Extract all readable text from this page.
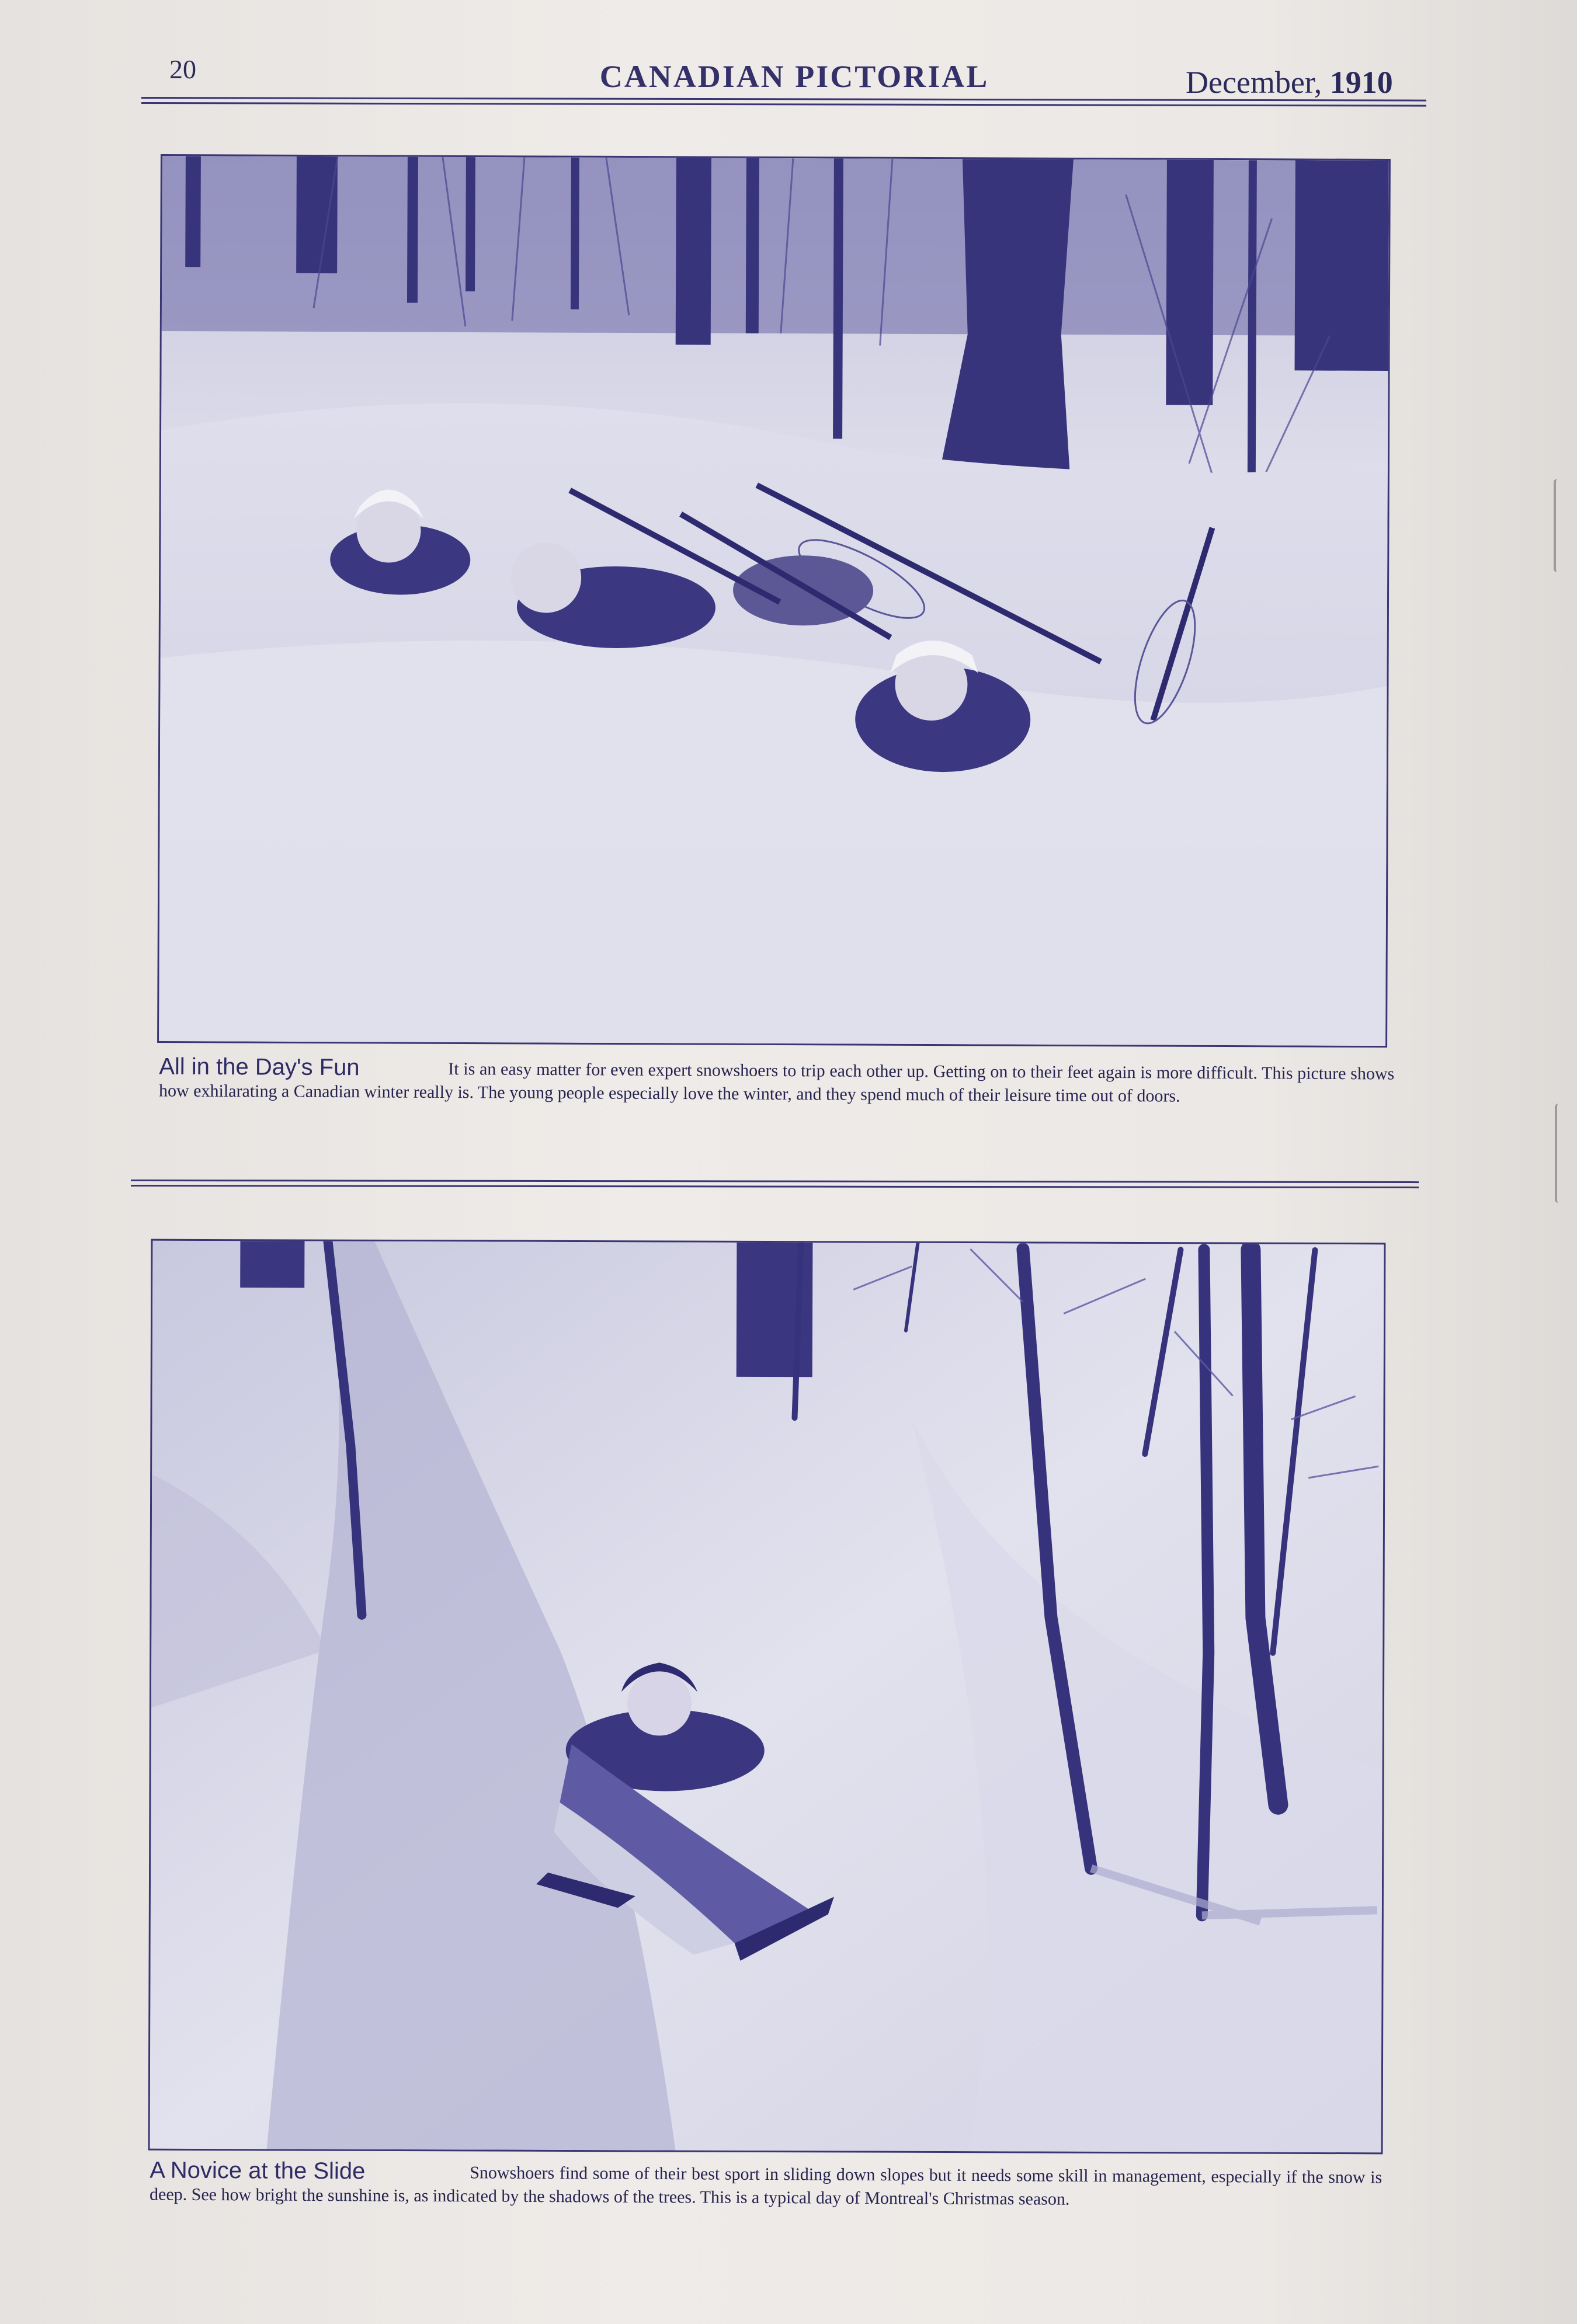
20	CANADIAN PICTORIAL	December, 1910
It is an easy matter for even expert snowshoers to trip each other up. Getting on to their feet again is more difficult. This picture shows how exhilarating a Canadian winter really is. The young people especially love the winter, and they spend much of their leisure time out of doors.
All in the Day's Fun
Snowshoers find some of their best sport in sliding down slopes but it needs some skill in management, especially if the snow is deep. See how bright the sunshine is, as indicated by the shadows of the trees. This is a typical day of Montreal's Christmas season.
A Novice at the Slide
